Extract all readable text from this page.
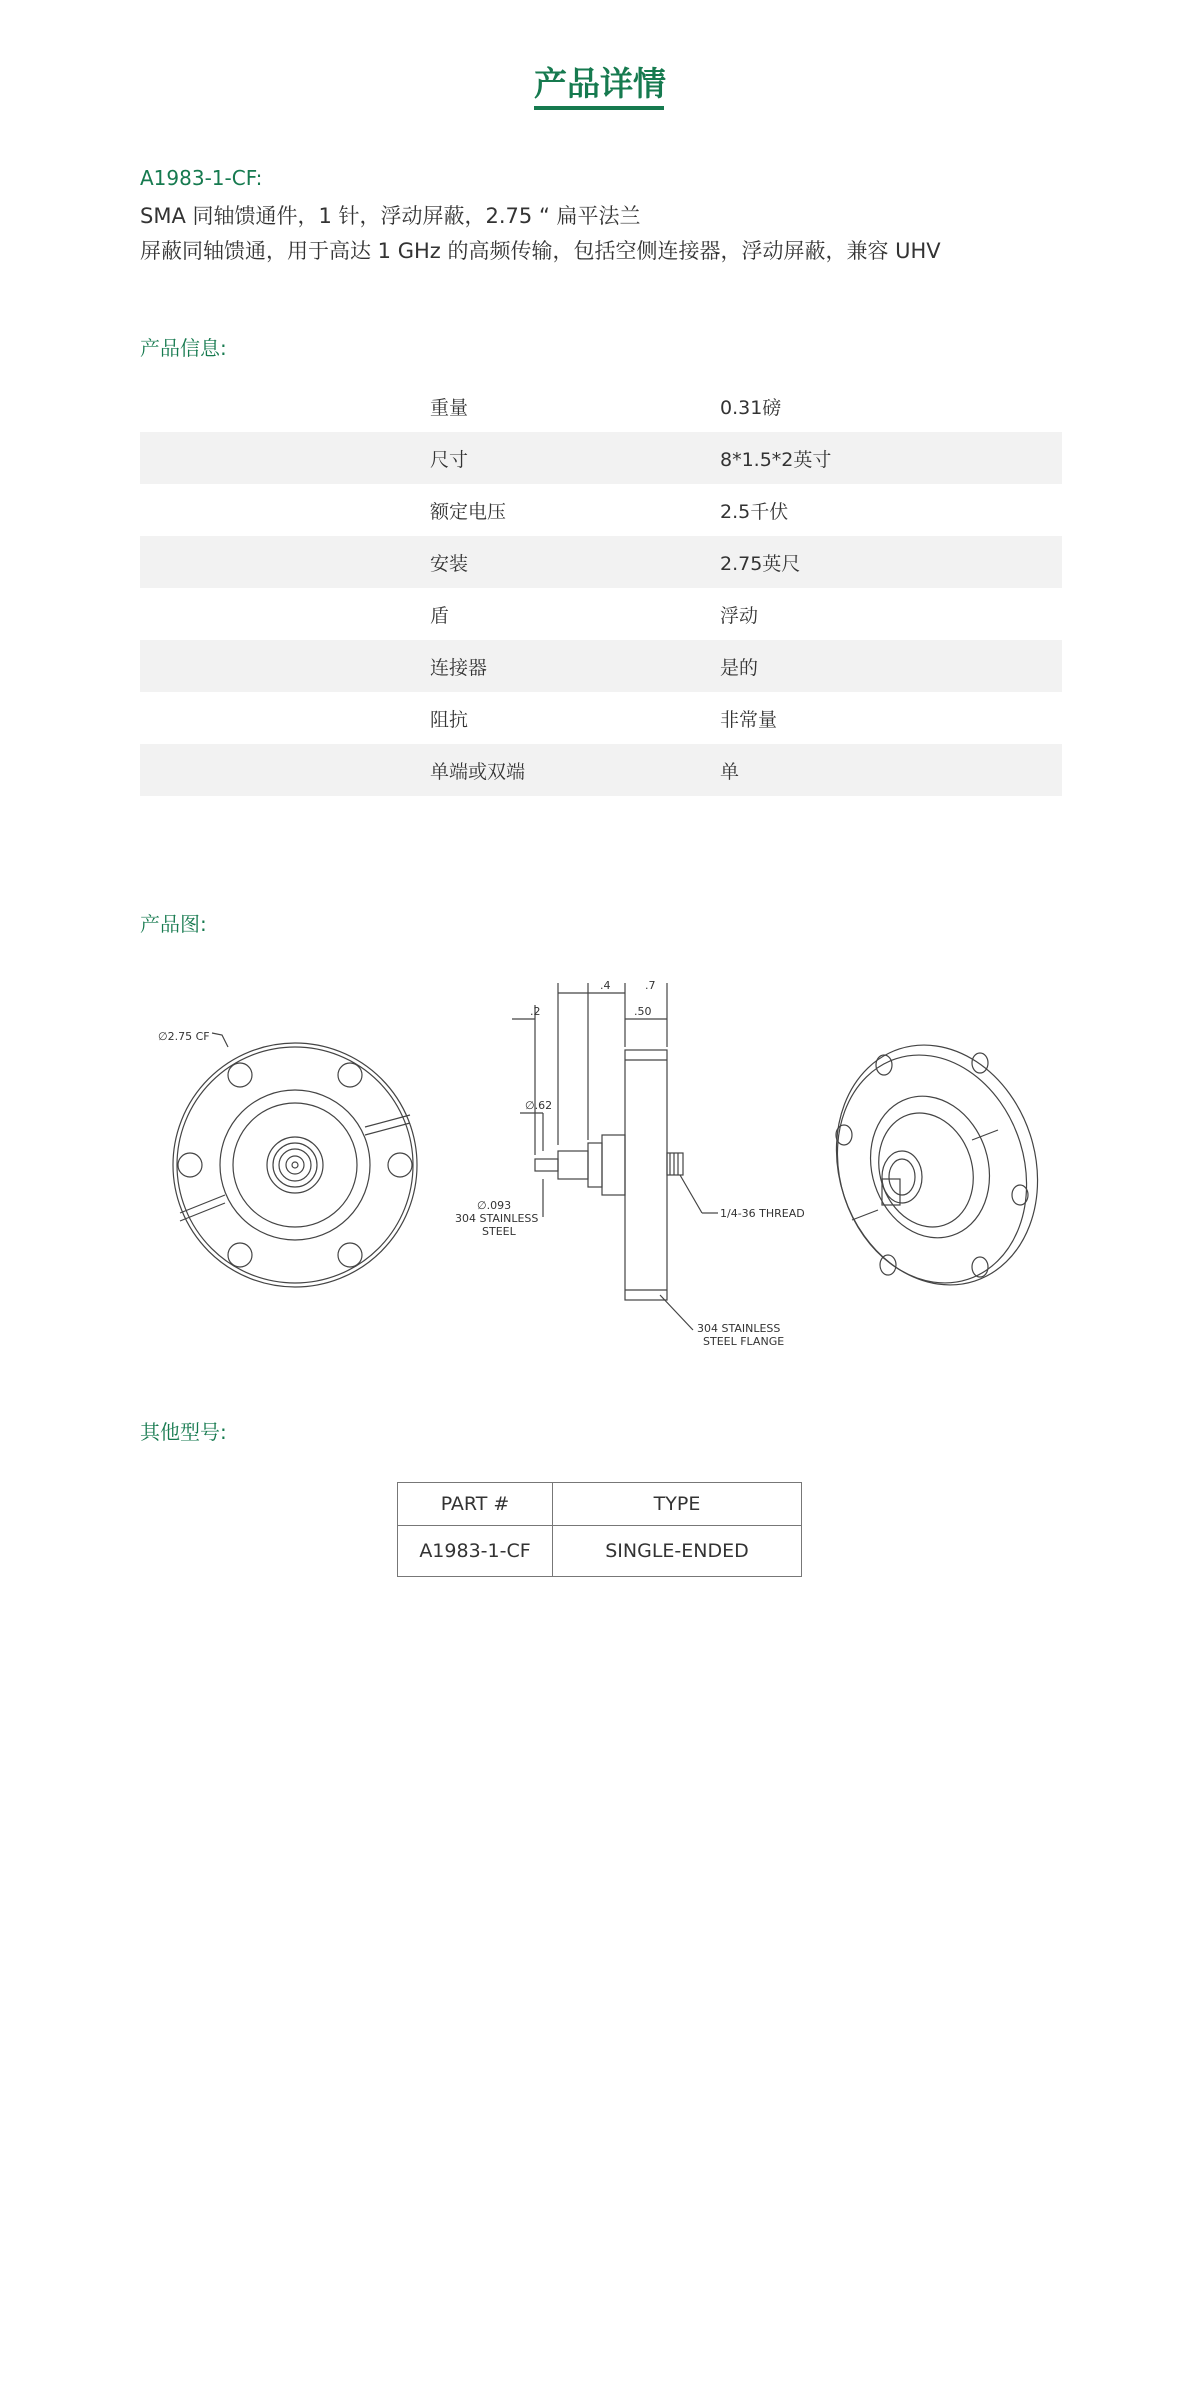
产品详情
A1983-1-CF:
SMA 同轴馈通件，1 针，浮动屏蔽，2.75 “ 扁平法兰
屏蔽同轴馈通，用于高达 1 GHz 的高频传输，包括空侧连接器，浮动屏蔽，兼容 UHV
产品信息:
重量	0.31磅
尺寸	8*1.5*2英寸
额定电压	2.5千伏
安装	2.75英尺
盾	浮动
连接器	是的
阻抗	非常量
单端或双端	单
产品图:
∅2.75 CF
.2
.4	.7
.50
∅.62
∅.093
304 STAINLESS
STEEL
1/4-36 THREAD
304 STAINLESS
STEEL FLANGE
其他型号:
PART #	TYPE
A1983-1-CF	SINGLE-ENDED
